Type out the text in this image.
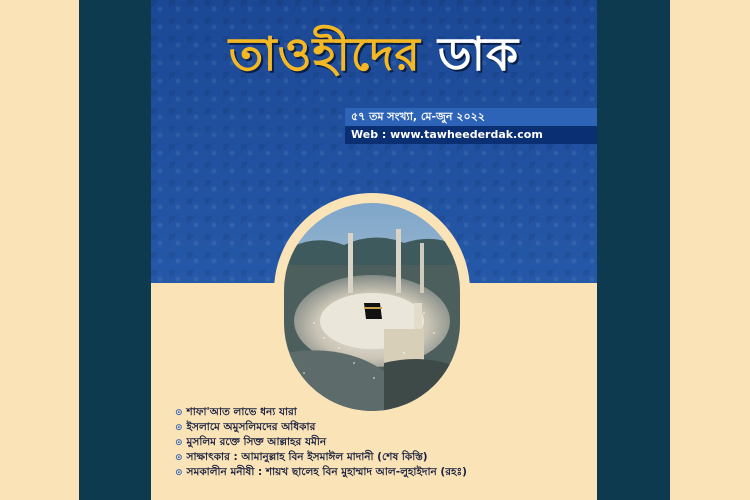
তাওহীদের ডাক
৫৭ তম সংখ্যা, মে-জুন ২০২২
Web : www.tawheederdak.com
⊙ শাফা'আত লাভে ধন্য যারা
⊙ ইসলামে অমুসলিমদের অধিকার
⊙ মুসলিম রক্তে সিক্ত আল্লাহর যমীন
⊙ সাক্ষাৎকার : আমানুল্লাহ বিন ইসমাঈল মাদানী (শেষ কিস্তি)
⊙ সমকালীন মনীষী : শায়খ ছালেহ বিন মুহাম্মাদ আল-লুহাইদান (রহঃ)
